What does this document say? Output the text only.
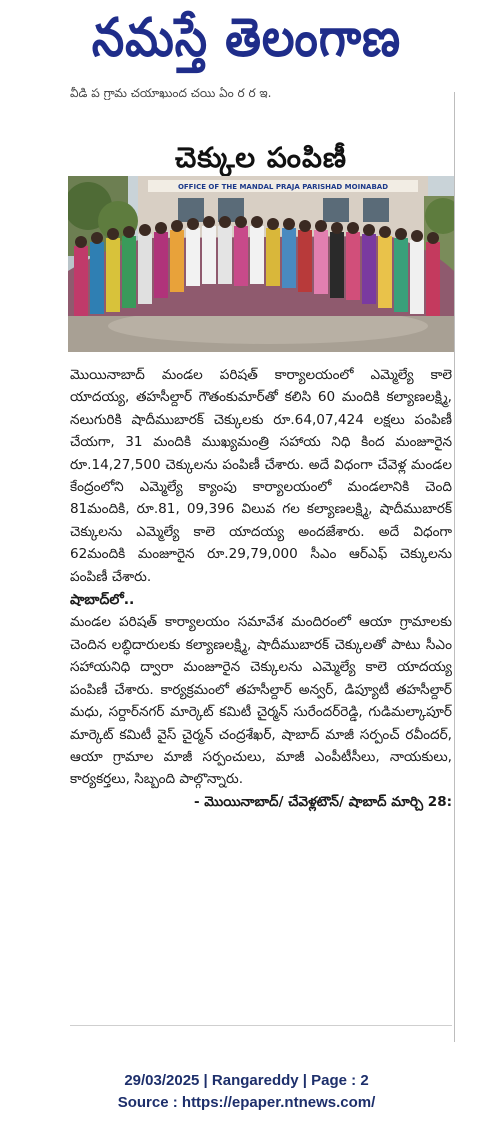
నమస్తే తెలంగాణ
వీడి ప గ్రామ చయాఖుంద చయి ఏం ర ర ఇ.
చెక్కుల పంపిణీ
OFFICE OF THE MANDAL PRAJA PARISHAD MOINABAD

మొయినాబాద్ మండల పరిషత్ కార్యాలయంలో ఎమ్మెల్యే కాలె యాదయ్య, తహసీల్దార్ గౌతంకుమార్‌తో కలిసి 60 మందికి కల్యాణలక్ష్మి, నలుగురికి షాదీముబారక్ చెక్కులకు రూ.64,07,424 లక్షలు పంపిణీ చేయగా, 31 మందికి ముఖ్యమంత్రి సహాయ నిధి కింద మంజూరైన రూ.14,27,500 చెక్కులను పంపిణీ చేశారు. అదే విధంగా చేవెళ్ల మండల కేంద్రంలోని ఎమ్మెల్యే క్యాంపు కార్యాలయంలో మండలానికి చెంది 81మందికి, రూ.81, 09,396 విలువ గల కల్యాణలక్ష్మి, షాదీముబారక్ చెక్కులను ఎమ్మెల్యే కాలె యాదయ్య అందజేశారు. అదే విధంగా 62మందికి మంజూరైన రూ.29,79,000 సీఎం ఆర్ఎఫ్ చెక్కులను పంపిణీ చేశారు.

షాబాద్‌లో..

మండల పరిషత్ కార్యాలయం సమావేశ మందిరంలో ఆయా గ్రామాలకు చెందిన లబ్ధిదారులకు కల్యాణలక్ష్మి, షాదీముబారక్ చెక్కులతో పాటు సీఎం సహాయనిధి ద్వారా మంజూరైన చెక్కులను ఎమ్మెల్యే కాలె యాదయ్య పంపిణీ చేశారు. కార్యక్రమంలో తహసీల్దార్ అన్వర్, డిప్యూటీ తహసీల్దార్ మధు, సర్దార్‌నగర్ మార్కెట్ కమిటీ చైర్మన్ సురేందర్‌రెడ్డి, గుడిమల్కాపూర్ మార్కెట్ కమిటీ వైస్ చైర్మన్ చంద్రశేఖర్, షాబాద్ మాజీ సర్పంచ్ రవీందర్, ఆయా గ్రామాల మాజీ సర్పంచులు, మాజీ ఎంపీటీసీలు, నాయకులు, కార్యకర్తలు, సిబ్బంది పాల్గొన్నారు.

- మొయినాబాద్/ చేవెళ్లటౌన్/ షాబాద్ మార్చి 28:

29/03/2025 | Rangareddy | Page : 2
Source : https://epaper.ntnews.com/
